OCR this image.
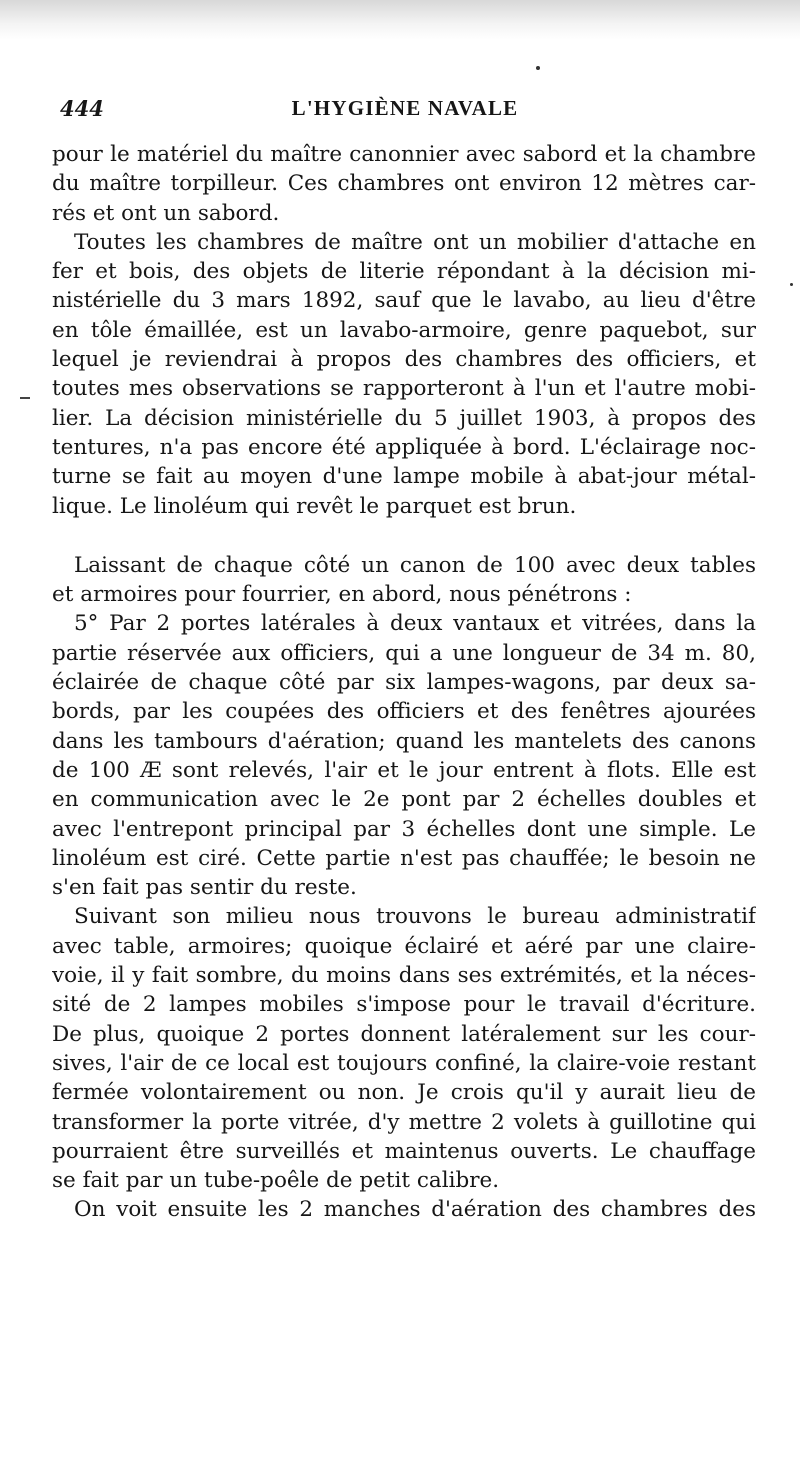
444	L'HYGIÈNE NAVALE
pour le matériel du maître canonnier avec sabord et la chambre
du maître torpilleur. Ces chambres ont environ 12 mètres car-
rés et ont un sabord.
Toutes les chambres de maître ont un mobilier d'attache en
fer et bois, des objets de literie répondant à la décision mi-
nistérielle du 3 mars 1892, sauf que le lavabo, au lieu d'être
en tôle émaillée, est un lavabo-armoire, genre paquebot, sur
lequel je reviendrai à propos des chambres des officiers, et
toutes mes observations se rapporteront à l'un et l'autre mobi-
lier. La décision ministérielle du 5 juillet 1903, à propos des
tentures, n'a pas encore été appliquée à bord. L'éclairage noc-
turne se fait au moyen d'une lampe mobile à abat-jour métal-
lique. Le linoléum qui revêt le parquet est brun.
Laissant de chaque côté un canon de 100 avec deux tables
et armoires pour fourrier, en abord, nous pénétrons :
5° Par 2 portes latérales à deux vantaux et vitrées, dans la
partie réservée aux officiers, qui a une longueur de 34 m. 80,
éclairée de chaque côté par six lampes-wagons, par deux sa-
bords, par les coupées des officiers et des fenêtres ajourées
dans les tambours d'aération; quand les mantelets des canons
de 100 Æ sont relevés, l'air et le jour entrent à flots. Elle est
en communication avec le 2e pont par 2 échelles doubles et
avec l'entrepont principal par 3 échelles dont une simple. Le
linoléum est ciré. Cette partie n'est pas chauffée; le besoin ne
s'en fait pas sentir du reste.
Suivant son milieu nous trouvons le bureau administratif
avec table, armoires; quoique éclairé et aéré par une claire-
voie, il y fait sombre, du moins dans ses extrémités, et la néces-
sité de 2 lampes mobiles s'impose pour le travail d'écriture.
De plus, quoique 2 portes donnent latéralement sur les cour-
sives, l'air de ce local est toujours confiné, la claire-voie restant
fermée volontairement ou non. Je crois qu'il y aurait lieu de
transformer la porte vitrée, d'y mettre 2 volets à guillotine qui
pourraient être surveillés et maintenus ouverts. Le chauffage
se fait par un tube-poêle de petit calibre.
On voit ensuite les 2 manches d'aération des chambres des
